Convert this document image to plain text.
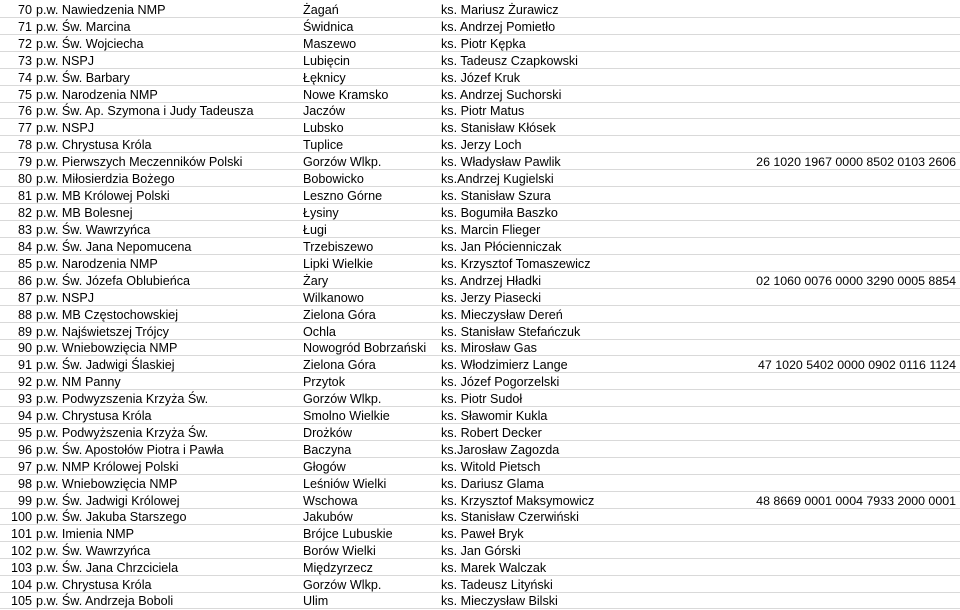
70 p.w. Nawiedzenia NMP	Żagań	ks. Mariusz Żurawicz
71 p.w. Św. Marcina	Świdnica	ks. Andrzej Pomietło
72 p.w. Św. Wojciecha	Maszewo	ks. Piotr Kępka
73 p.w. NSPJ	Lubięcin	ks. Tadeusz Czapkowski
74 p.w. Św. Barbary	Łęknicy	ks. Józef Kruk
75 p.w. Narodzenia NMP	Nowe Kramsko	ks. Andrzej Suchorski
76 p.w. Św. Ap. Szymona i Judy Tadeusza	Jaczów	ks. Piotr Matus
77 p.w. NSPJ	Lubsko	ks. Stanisław Kłósek
78 p.w. Chrystusa Króla	Tuplice	ks. Jerzy Loch
79 p.w. Pierwszych Meczenników Polski	Gorzów Wlkp.	ks. Władysław Pawlik	26 1020 1967 0000 8502 0103 2606
80 p.w. Miłosierdzia Bożego	Bobowicko	ks.Andrzej Kugielski
81 p.w. MB Królowej Polski	Leszno Górne	ks. Stanisław Szura
82 p.w. MB Bolesnej	Łysiny	ks. Bogumiła Baszko
83 p.w. Św. Wawrzyńca	Ługi	ks. Marcin Flieger
84 p.w. Św. Jana Nepomucena	Trzebiszewo	ks. Jan Płócienniczak
85 p.w. Narodzenia NMP	Lipki Wielkie	ks. Krzysztof Tomaszewicz
86 p.w. Św. Józefa Oblubieńca	Żary	ks. Andrzej Hładki	02 1060 0076 0000 3290 0005 8854
87 p.w. NSPJ	Wilkanowo	ks. Jerzy Piasecki
88 p.w. MB Częstochowskiej	Zielona Góra	ks. Mieczysław Dereń
89 p.w. Najświetszej Trójcy	Ochla	ks. Stanisław Stefańczuk
90 p.w. Wniebowzięcia NMP	Nowogród Bobrzański ks. Mirosław Gas
91 p.w. Św. Jadwigi Ślaskiej	Zielona Góra	ks. Włodzimierz Lange	47 1020 5402 0000 0902 0116 1124
92 p.w. NM Panny	Przytok	ks. Józef Pogorzelski
93 p.w. Podwyzszenia Krzyża Św.	Gorzów Wlkp.	ks. Piotr Sudoł
94 p.w. Chrystusa Króla	Smolno Wielkie	ks. Sławomir Kukla
95 p.w. Podwyższenia Krzyża Św.	Drożków	ks. Robert Decker
96 p.w. Św. Apostołów Piotra i Pawła	Baczyna	ks.Jarosław Zagozda
97 p.w. NMP Królowej Polski	Głogów	ks. Witold Pietsch
98 p.w. Wniebowzięcia NMP	Leśniów Wielki	ks. Dariusz Glama
99 p.w. Św. Jadwigi Królowej	Wschowa	ks. Krzysztof Maksymowicz	48 8669 0001 0004 7933 2000 0001
100 p.w. Św. Jakuba Starszego	Jakubów	ks. Stanisław Czerwiński
101 p.w. Imienia NMP	Brójce Lubuskie	ks. Paweł Bryk
102 p.w. Św. Wawrzyńca	Borów Wielki	ks. Jan Górski
103 p.w. Św. Jana Chrzciciela	Międzyrzecz	ks. Marek Walczak
104 p.w. Chrystusa Króla	Gorzów Wlkp.	ks. Tadeusz Lityński
105 p.w. Św. Andrzeja Boboli	Ulim	ks. Mieczysław Bilski
